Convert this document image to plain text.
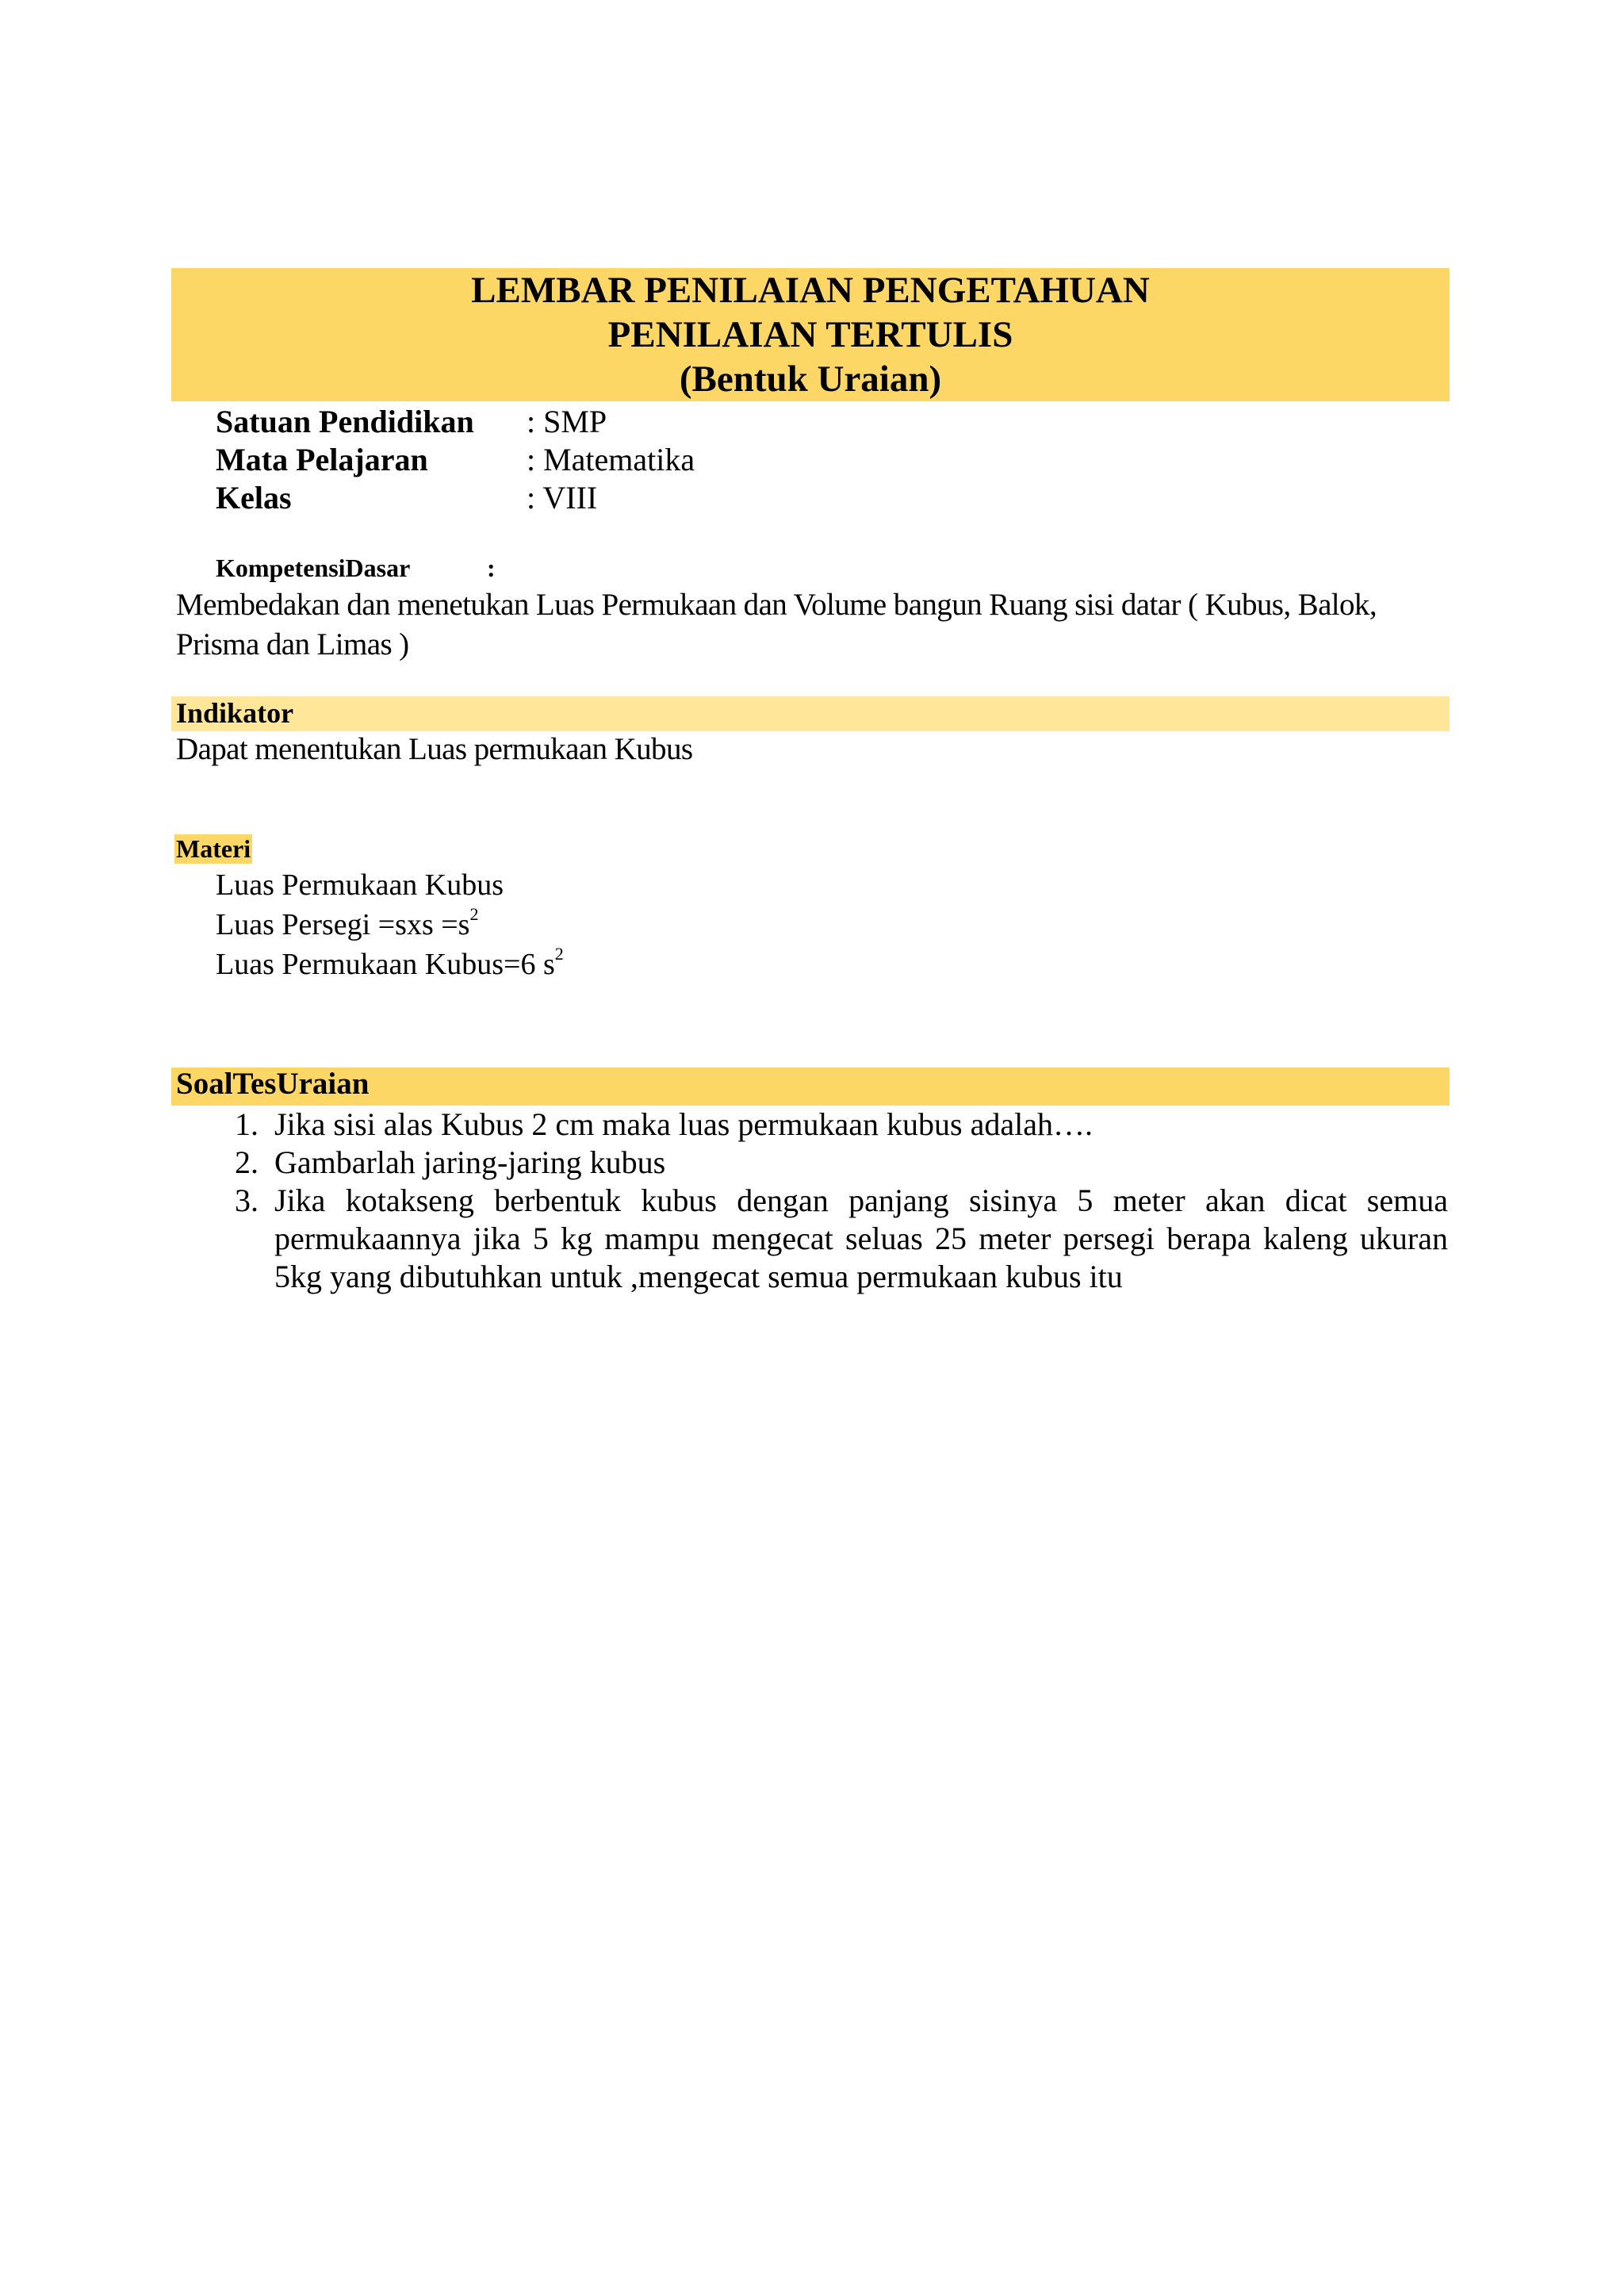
LEMBAR PENILAIAN PENGETAHUAN
PENILAIAN TERTULIS
(Bentuk Uraian)
Satuan Pendidikan : SMP
Mata Pelajaran	: Matematika
Kelas	: VIII
KompetensiDasar	:
Membedakan dan menetukan Luas Permukaan dan Volume bangun Ruang sisi datar ( Kubus, Balok, Prisma dan Limas )
Indikator
Dapat menentukan Luas permukaan Kubus
Materi
Luas Permukaan Kubus
Luas Persegi $=sxs =s^2$
Luas Permukaan Kubus=6 $s^2$
SoalTesUraian
1. Jika sisi alas Kubus 2 cm maka luas permukaan kubus adalah….
2. Gambarlah jaring-jaring kubus
3. Jika kotakseng berbentuk kubus dengan panjang sisinya 5 meter akan dicat semua
permukaannya jika 5 kg mampu mengecat seluas 25 meter persegi berapa kaleng ukuran
5kg yang dibutuhkan untuk ,mengecat semua permukaan kubus itu
